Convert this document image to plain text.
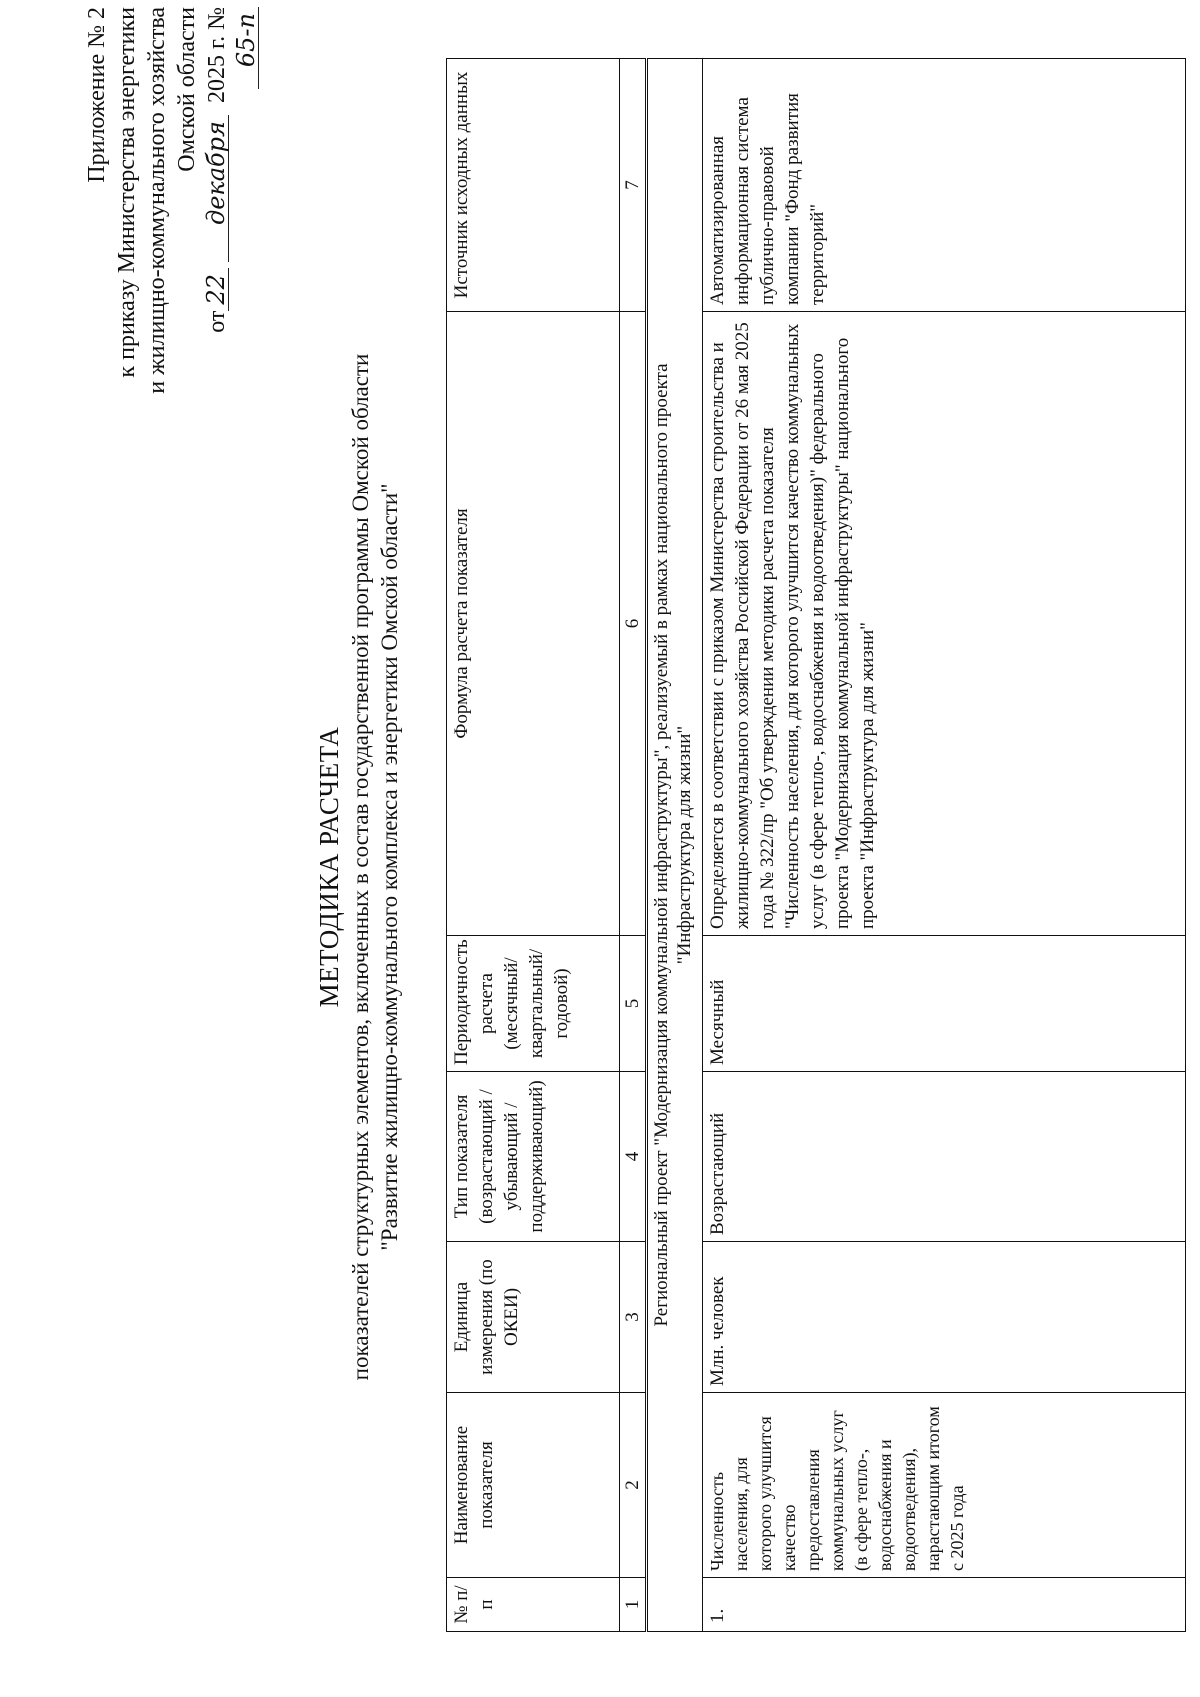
Приложение № 2 к приказу Министерства энергетики и жилищно-коммунального хозяйства Омской области
от22 декабря 2025 г. №65-п
МЕТОДИКА РАСЧЕТА показателей структурных элементов, включенных в состав государственной программы Омской области "Развитие жилищно-коммунального комплекса и энергетики Омской области"
№ п/п	Наименование показателя	Единица измерения (по ОКЕИ)	Тип показателя (возрастающий / убывающий / поддерживающий)	Периодичность расчета (месячный/ квартальный/ годовой)	Формула расчета показателя	Источник исходных данных
1	2	3	4	5	6	7

Региональный проект "Модернизация коммунальной инфраструктуры", реализуемый в рамках национального проекта "Инфраструктура для жизни"						

1.	Численность населения, для которого улучшится качество предоставления коммунальных услуг (в сфере тепло-, водоснабжения и водоотведения), нарастающим итогом с 2025 года	Млн. человек	Возрастающий	Месячный	Определяется в соответствии с приказом Министерства строительства и жилищно-коммунального хозяйства Российской Федерации от 26 мая 2025 года № 322/пр "Об утверждении методики расчета показателя "Численность населения, для которого улучшится качество коммунальных услуг (в сфере тепло-, водоснабжения и водоотведения)" федерального проекта "Модернизация коммунальной инфраструктуры" национального проекта "Инфраструктура для жизни"	Автоматизированная информационная система публично-правовой компании "Фонд развития территорий"
